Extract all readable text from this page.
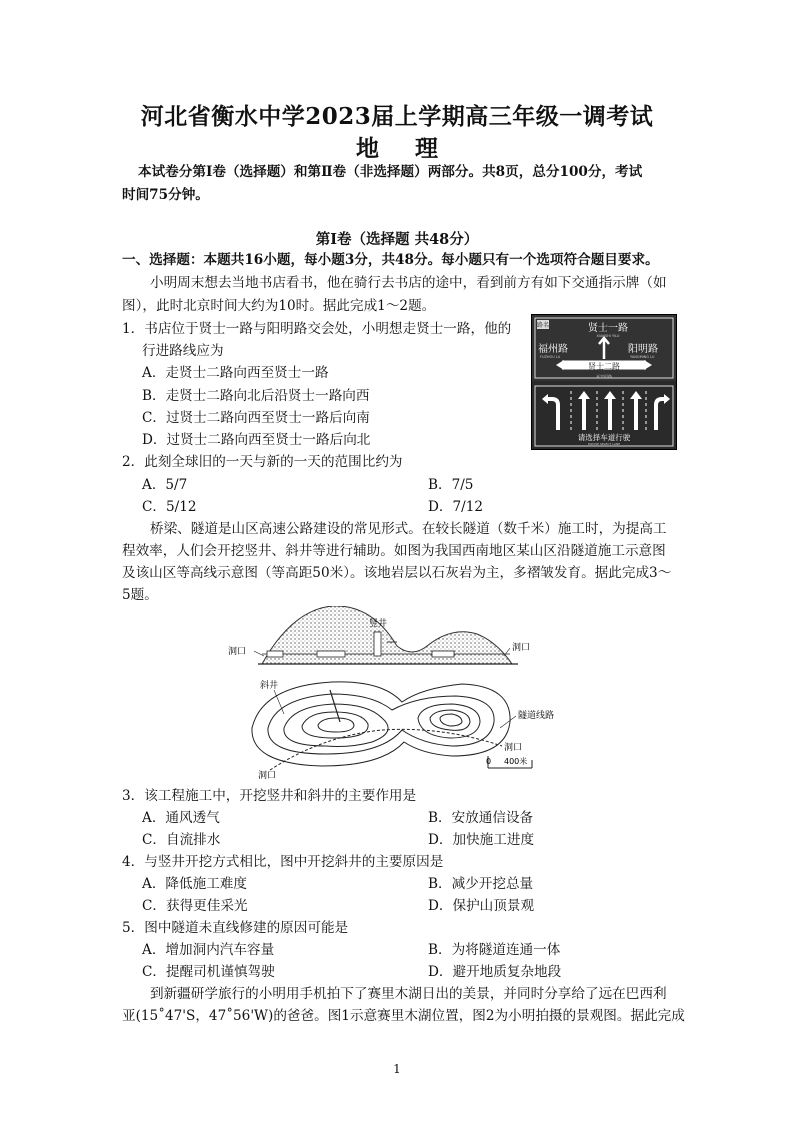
河北省衡水中学2023届上学期高三年级一调考试
地 理
本试卷分第Ⅰ卷（选择题）和第Ⅱ卷（非选择题）两部分。共8页，总分100分，考试
时间75分钟。
第Ⅰ卷（选择题 共48分）
一、选择题：本题共16小题，每小题3分，共48分。每小题只有一个选项符合题目要求。
小明周末想去当地书店看书，他在骑行去书店的途中，看到前方有如下交通指示牌（如
图），此时北京时间大约为10时。据此完成1～2题。
1．书店位于贤士一路与阳明路交会处，小明想走贤士一路，他的
行进路线应为
A．走贤士二路向西至贤士一路
B．走贤士二路向北后沿贤士一路向西
C．过贤士二路向西至贤士一路后向南
D．过贤士二路向西至贤士一路后向北
路名	贤士一路
XIANSHI YILU
福州路
FUZHOU LU
阳明路
YANGMING LU
贤士二路
米字形路
请选择车道行驶
PLEASE SELECT LANE
2．此刻全球旧的一天与新的一天的范围比约为
A．5/7	B．7/5
C．5/12	D．7/12
桥梁、隧道是山区高速公路建设的常见形式。在较长隧道（数千米）施工时，为提高工
程效率，人们会开挖竖井、斜井等进行辅助。如图为我国西南地区某山区沿隧道施工示意图
及该山区等高线示意图（等高距50米）。该地岩层以石灰岩为主，多褶皱发育。据此完成3～
5题。
竖井
洞口	洞口
斜井
隧道线路
洞口
洞口
0 400米
3．该工程施工中，开挖竖井和斜井的主要作用是
A．通风透气	B．安放通信设备
C．自流排水	D．加快施工进度
4．与竖井开挖方式相比，图中开挖斜井的主要原因是
A．降低施工难度	B．减少开挖总量
C．获得更佳采光	D．保护山顶景观
5．图中隧道未直线修建的原因可能是
A．增加洞内汽车容量	B．为将隧道连通一体
C．提醒司机谨慎驾驶	D．避开地质复杂地段
到新疆研学旅行的小明用手机拍下了赛里木湖日出的美景，并同时分享给了远在巴西利
亚(15˚47'S，47˚56'W)的爸爸。图1示意赛里木湖位置，图2为小明拍摄的景观图。据此完成
1
